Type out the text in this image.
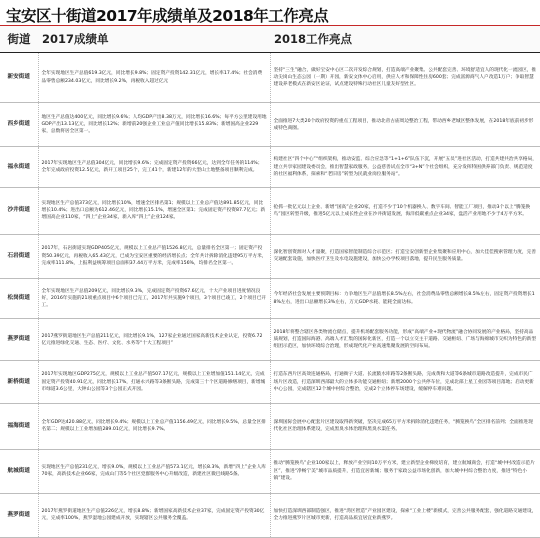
宝安区十街道2017年成绩单及2018年工作亮点
街道	2017成绩单	2018工作亮点
新安街道	全年实现地区生产总值619.3亿元，同比增长9.8%；固定资产投资142.31亿元，增长率17.4%；社会消费品零售总额234.03亿元，同比增长9.2%，再税收入超过亿元	坚持“三生”融合，做好宝安中心区二次开发综合规划，打造高端产业聚集、公共配套完善、环境舒适宜人的现代化一流园区，推动尖岗山生态公园（一期）开园，新安文体中心启用，供应人才和保障性住房600套；完成富源商气人户改造1万户；争取智慧建设养老模式在新安区论证，试点建设特殊行动社区儿童友好型社区。
西乡街道	地区生产总值达400亿元，同比增长9.6%；人均GDP产出8.38万元，同比增长16.6%；每平方公里建设用地GDP产出13.13亿元，同比增长12%；新增前20强企业工业总产值同比增长15.83%；新增国高企业229家，总数将居全区第一。	全面推进7大类20个政府投资的重点工程项目，推动北帝古庙周边整治工程，带动西乡老城区整体发展，在2018年底前初步形成特色商圈。
福永街道	2017年实现地区生产总值304亿元，同比增长9.6%；完成固定资产投资66亿元，达到全年任务的114%；全年完成政府投资12.5亿元，新开工项目25个，完工41个，新建12年的大型山土地整备项目顺利完成。	构建社区“四个中心”“组织架构，推动安监、综合应急等“1+1+6”队伍下沉，开展“五员”进社区活动，打造共建共治共享格局，建立共享家园建设委员会，推出智慧家政服务，公益慈善试点全市“3+N”个社会组织，充分发挥特困供养部门负责、规范适度的社区福利体系，探索和“老旧房”转型为民就业岗位服务站“。
沙井街道	实现地区生产总值373亿元，同比增长10%，增速全区排名第1；规模以上工业总产值达891.85亿元，同比增长10.4%；进出口总额为612.46亿元，同比增长15.1%，增速全区第1；完成固定资产投资87.7亿元；新增国高企业110家，“四上”企业34家，新入库“四上”企业124家。	抢抓一批亿元以上企业、新增“国高”企业20家，打造不少于10个机器换人、数字车间、智能工厂项目，推动3个以上“腾笼换鸟”园区转型升级，推进5亿元以上成长性企业在沙井街道发展，海洋低碳重点企业34家，盘活产业用地不少于4万平方米。
石岩街道	2017年，石岩街道实现GDP405亿元，规模以上工业总产值1526.8亿元，总量排名全区第一；固定资产投资50.39亿元，再税收入65.43亿元，已成为宝安区重要的经济增长点；全年共计拆除消化违建95万平方米，完成率111.8%，上报利益统筹项目总面积37.44万平方米，完成率156%，均排名全区第一。	深化智创资源对人才量聚，打造国家智能制造综合示范区；打造宝安创新型企业集聚和应用中心，加大佳佳搜索管理力度，完善交通配套设施，加快医疗卫生及水电设施建设，加快公办学校项目落地，提升民生服务质量。
松岗街道	全年实现地区生产总值209亿元，同比增长9.3%，完成固定资产投资67.6亿元，十大产业项目进度情况良好，2016年实施的21项重点项目中6个项目已完工，2017年共实施9个项目，3个项目已竣工，2个项目已开工。	今年经济社会发展主要预期目标：力争地区生产总值增长8.5%左右，社会消费品零售总额增长8.5%左右，固定资产投资增长18%左右，进出口总额增长3%左右，万元GDP水耗、能耗全面达标。
燕罗街道	2017燕罗街道地区生产总值211亿元，同比增长9.1%，127家企业通过国家高新技术企业认定，投资6.72亿元推进绿化交通、生态、医疗、文化、水务等“十大工程项目”	2018年将整合辖区各类物流仓储点，提升机场配套服务功能，形成“高端产业+现代物流”融合协同发展的产业格局，坚持高品质规划，打造国际海港、高端人才汇集的国际化新区，打造一个以立交主干道路、交通枢纽、广场与海绵城市交织为特色的新型组团示范区，加快环境综合治理，形成现代化产业高速集聚发展的空间布局。
新桥街道	2017年实现地区GDP275亿元，规模以上工业总产值507.17亿元，规模以上工业增加值151.14亿元，完成固定资产投资40.91亿元，同比增长17%，打通永兴路等3条断头路，完成第三十个区道路修缮项目，新增城市绿道3.6公里，大钟山公园等3个公园正式开园。	打造东西片区高效连通格局，打通衙子大道、长流陂水库路等2条断头路，完成黄和大道等6条城市道路改造提升，完成市民广场片区改造，打造深圳西部最大的立体多功能交通枢纽；新增2000个公共停车位，完成北部上星工业园等项目落地；启动更新中心公园，完成辖区12个城中村综合整治，完成2个立体停车场建设，缓解停车难问题。
福海街道	全年GDP达420.88亿元，同比增长9.4%；规模以上工业总产值1156.49亿元，同比增长9.5%，总量全区排名第二；规模以上工业增加值289.01亿元，同比增长9.7%。	深圳国际会展中心配套片区建设取得新突破，坚决完成65万平方米拆除消化违建任务，“腾笼换鸟”全区排名前列；全面推进现代化社区治理体系建设，完成黑臭水体治理和黑臭水渠任务。
航城街道	实现地区生产总值231亿元，增长9.0%，规模以上工业总产值573.1亿元，增长8.3%，新增“四上”企业人库70家，高新技术企业66家，完成山门等5个社区党群服务中心升级改造，新建社区微巴线路5条。	推动“腾笼换鸟”企业100家以上，释放产业空间10万平方米，建立新型企业梯度培育，建立航城商会，打造“城中村改造示范片区”，推进“净畅宁美”城市品质提升，打造宜居新城；服务于家政公益市场化创新，加大城中村综合整治力度，推进“特色小镇”建设。
燕罗街道	2017年燕罗街道地区生产总值226亿元，增长8.8%；新增国家高新技术企业37家，完成固定资产投资30亿元，完成率100%，燕罗湿地公园建成开放，实现辖区公共服务全覆盖。	加快打造深圳西部制造强区，推进“湾区智造”产业园区建设，探索“工业上楼”新模式，完善公共服务配套，强化道路交通建设，全力推进燕罗片区城市更新，打造高品质宜居宜业新燕罗。
